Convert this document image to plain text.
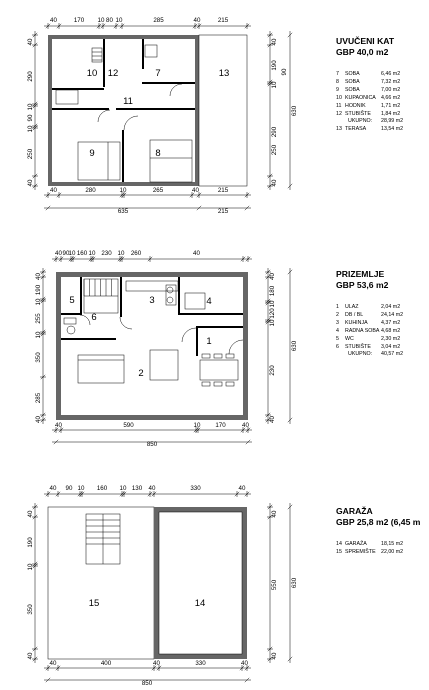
10 12	7	13
11
9	8
40	170 10 80 10	285	40	215
40	280	10	265	40	215
635	215
40
290
10
90
10
250
40
40
190
10
290
40
250
90
630
5	3	4
6
1
2
40 90 10 160 10 230 10 260	40
40	590	10 170	40
850
40
190
10
255
10
350
285
40
40
180
10
120
10
230
40
630
15	14
40 90 10 160 10 130 40	330	40
40	400	40	330	40
850
40
190
10
350
40
40
550
40
630
UVUČENI KAT
GBP 40,0 m2
7	SOBA	6,46 m2
8	SOBA	7,32 m2
9	SOBA	7,00 m2
10 KUPAONICA 4,66 m2
11 HODNIK	1,71 m2
12 STUBIŠTE	1,84 m2
UKUPNO:	28,99 m2
13 TERASA	13,54 m2
PRIZEMLJE
GBP 53,6 m2
1	ULAZ	2,04 m2
2	DB / BL	24,14 m2
3	KUHINJA	4,37 m2
4	RADNA SOBA 4,68 m2
5	WC	2,30 m2
6	STUBIŠTE	3,04 m2
UKUPNO:	40,57 m2
GARAŽA
GBP 25,8 m2 (6,45 m
14 GARAŽA	18,15 m2
15 SPREMIŠTE	22,00 m2
